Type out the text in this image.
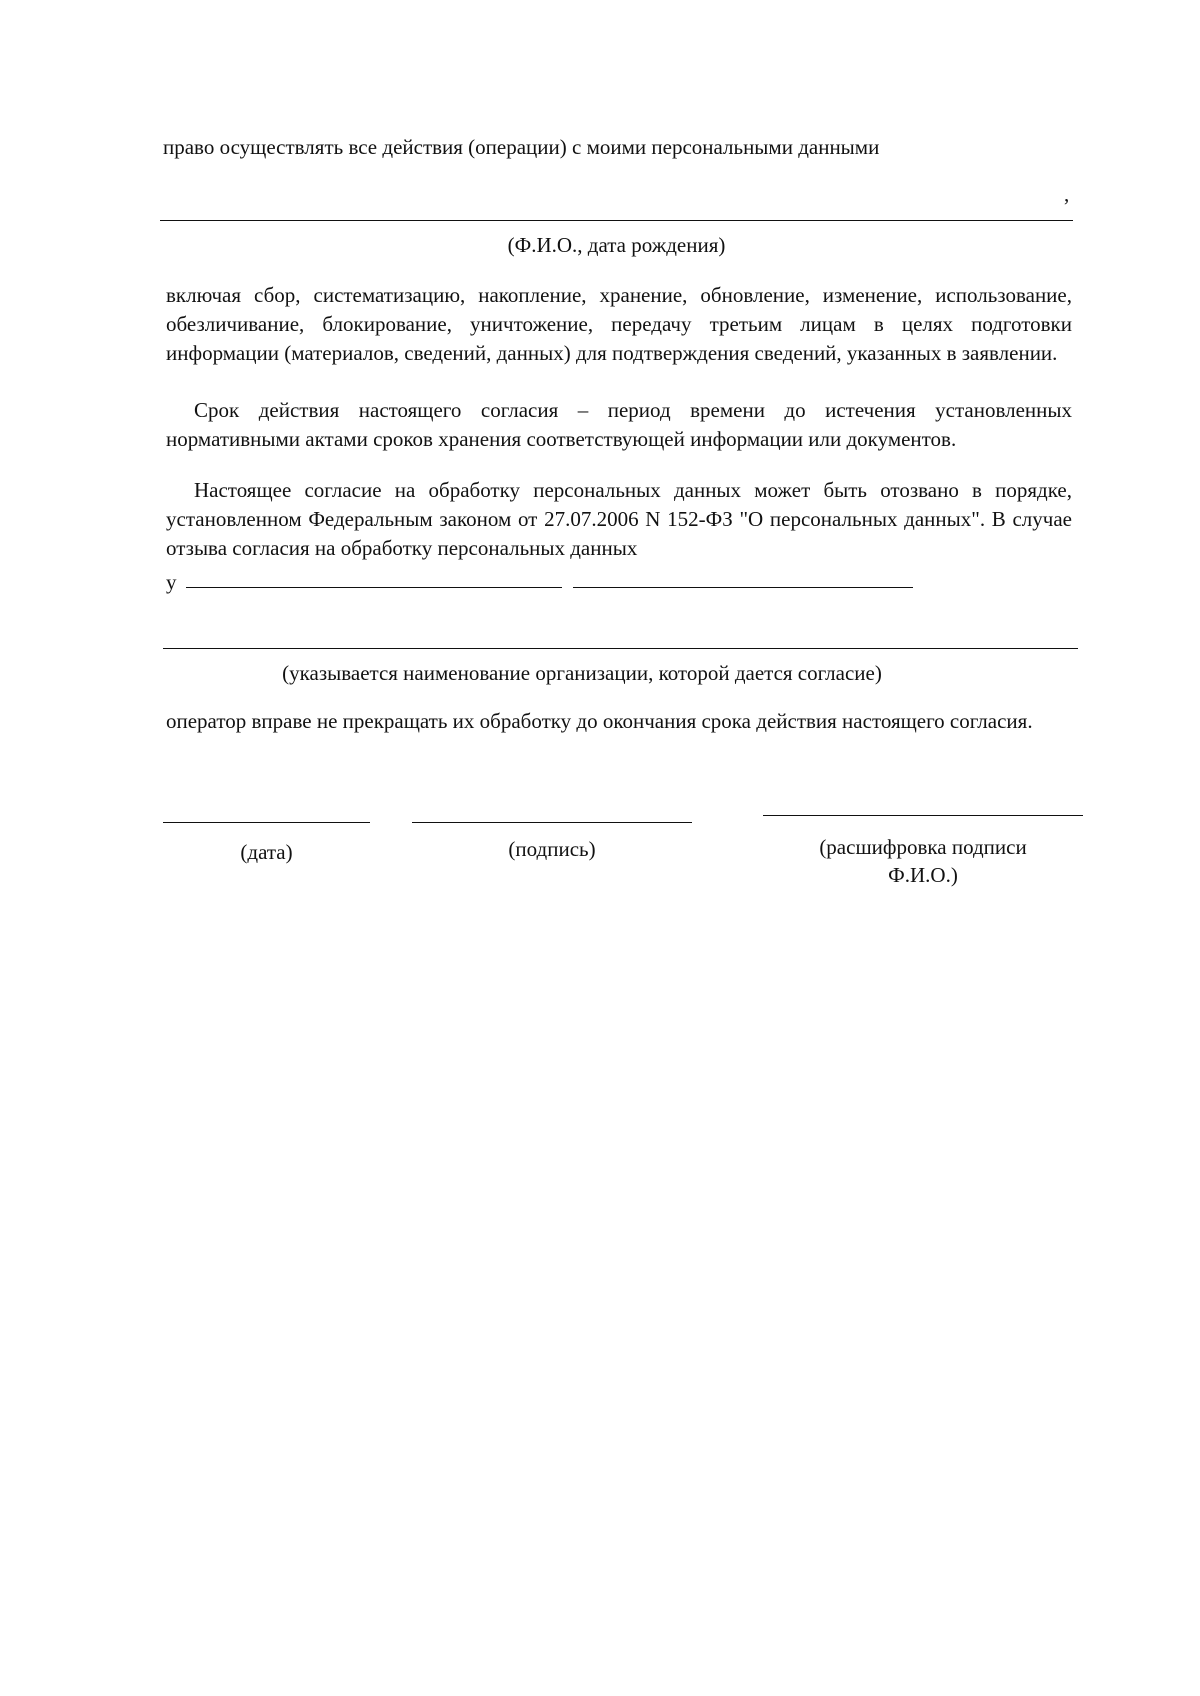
право осуществлять все действия (операции) с моими персональными данными
,
(Ф.И.О., дата рождения)
включая сбор, систематизацию, накопление, хранение, обновление, изменение, использование, обезличивание, блокирование, уничтожение, передачу третьим лицам в целях подготовки информации (материалов, сведений, данных) для подтверждения сведений, указанных в заявлении.
Срок действия настоящего согласия – период времени до истечения установленных нормативными актами сроков хранения соответствующей информации или документов.
Настоящее согласие на обработку персональных данных может быть отозвано в порядке, установленном Федеральным законом от 27.07.2006 N 152-ФЗ "О персональных данных". В случае отзыва согласия на обработку персональных данных
у
(указывается наименование организации, которой дается согласие)
оператор вправе не прекращать их обработку до окончания срока действия настоящего согласия.
(дата)	(подпись)	(расшифровка подписи
Ф.И.О.)
